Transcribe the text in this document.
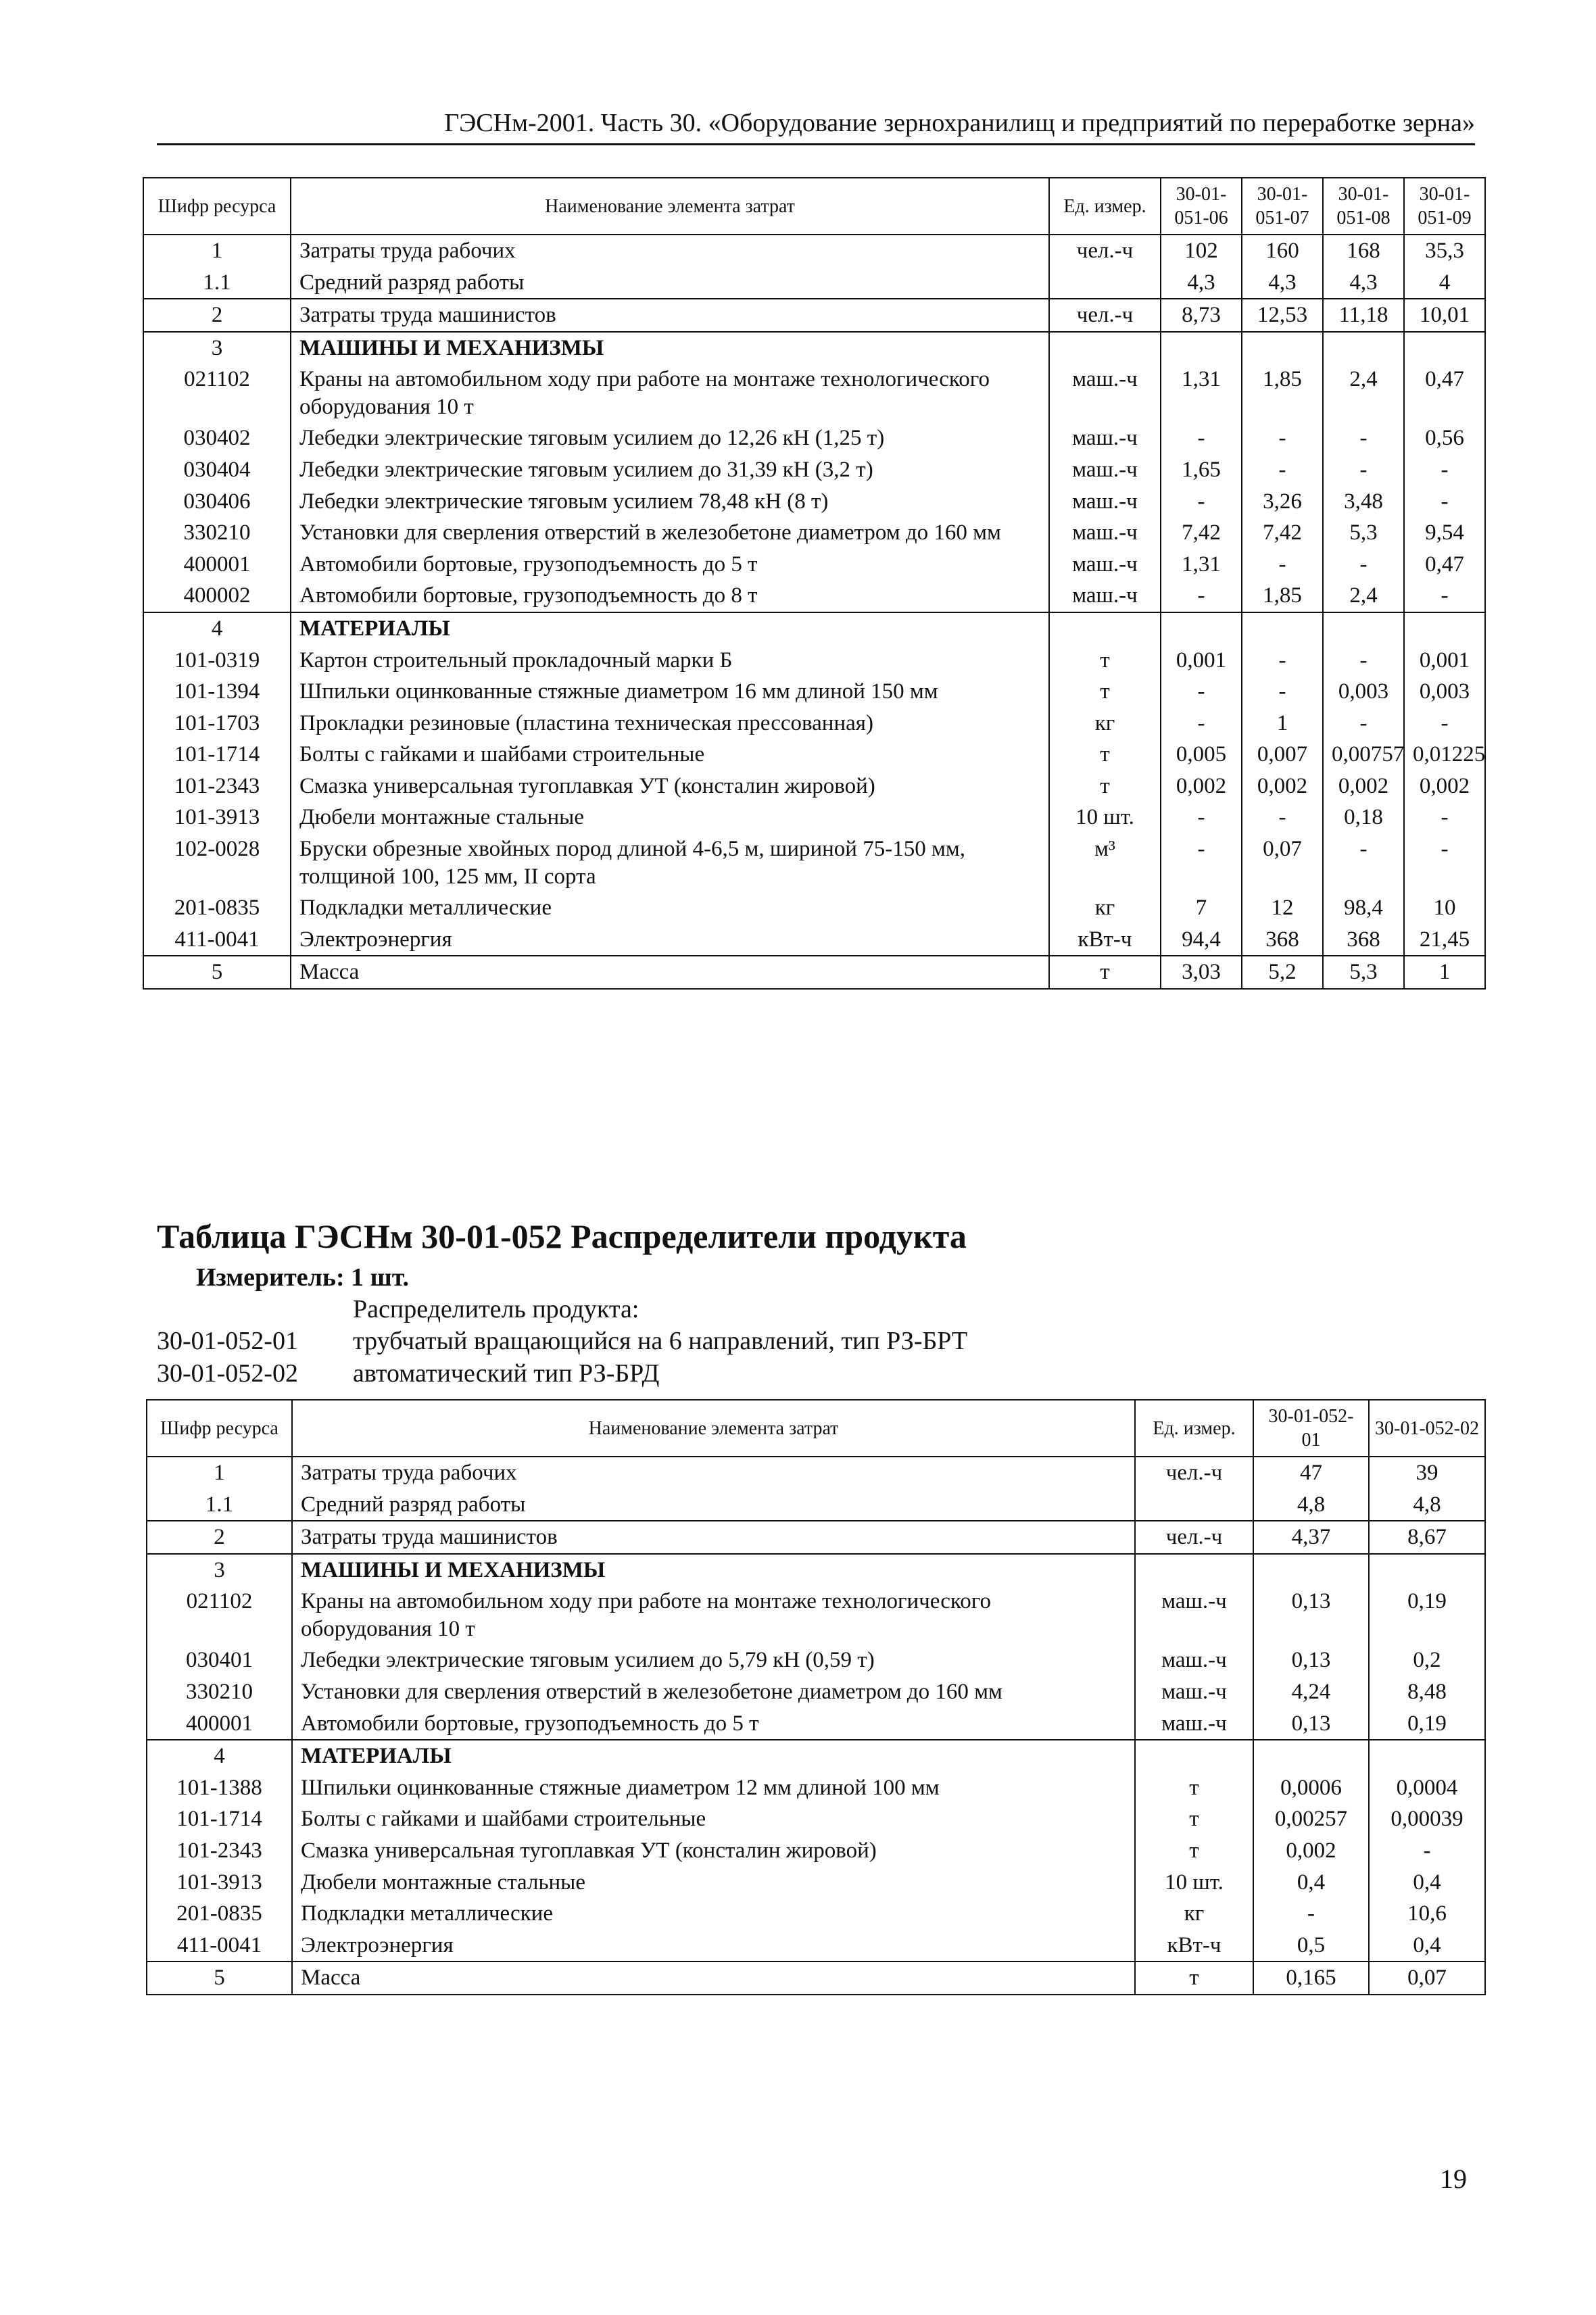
ГЭСНм-2001. Часть 30. «Оборудование зернохранилищ и предприятий по переработке зерна»
Шифр ресурса	Наименование элемента затрат	Ед. измер.	30-01-051-06	30-01-051-07	30-01-051-08	30-01-051-09
1	Затраты труда рабочих	чел.-ч	102	160	168	35,3
1.1	Средний разряд работы		4,3	4,3	4,3	4
2	Затраты труда машинистов	чел.-ч	8,73	12,53	11,18	10,01
3	МАШИНЫ И МЕХАНИЗМЫ					
021102	Краны на автомобильном ходу при работе на монтаже технологического оборудования 10 т	маш.-ч	1,31	1,85	2,4	0,47
030402	Лебедки электрические тяговым усилием до 12,26 кН (1,25 т)	маш.-ч	-	-	-	0,56
030404	Лебедки электрические тяговым усилием до 31,39 кН (3,2 т)	маш.-ч	1,65	-	-	-
030406	Лебедки электрические тяговым усилием 78,48 кН (8 т)	маш.-ч	-	3,26	3,48	-
330210	Установки для сверления отверстий в железобетоне диаметром до 160 мм	маш.-ч	7,42	7,42	5,3	9,54
400001	Автомобили бортовые, грузоподъемность до 5 т	маш.-ч	1,31	-	-	0,47
400002	Автомобили бортовые, грузоподъемность до 8 т	маш.-ч	-	1,85	2,4	-
4	МАТЕРИАЛЫ					
101-0319	Картон строительный прокладочный марки Б	т	0,001	-	-	0,001
101-1394	Шпильки оцинкованные стяжные диаметром 16 мм длиной 150 мм	т	-	-	0,003	0,003
101-1703	Прокладки резиновые (пластина техническая прессованная)	кг	-	1	-	-
101-1714	Болты с гайками и шайбами строительные	т	0,005	0,007	0,00757	0,01225
101-2343	Смазка универсальная тугоплавкая УТ (консталин жировой)	т	0,002	0,002	0,002	0,002
101-3913	Дюбели монтажные стальные	10 шт.	-	-	0,18	-
102-0028	Бруски обрезные хвойных пород длиной 4-6,5 м, шириной 75-150 мм, толщиной 100, 125 мм, II сорта	м³	-	0,07	-	-
201-0835	Подкладки металлические	кг	7	12	98,4	10
411-0041	Электроэнергия	кВт-ч	94,4	368	368	21,45
5	Масса	т	3,03	5,2	5,3	1
Таблица ГЭСНм 30-01-052 Распределители продукта
Измеритель: 1 шт.
Распределитель продукта:
30-01-052-01 трубчатый вращающийся на 6 направлений, тип РЗ-БРТ
30-01-052-02 автоматический тип РЗ-БРД
Шифр ресурса	Наименование элемента затрат	Ед. измер.	30-01-052-01	30-01-052-02
1	Затраты труда рабочих	чел.-ч	47	39
1.1	Средний разряд работы		4,8	4,8
2	Затраты труда машинистов	чел.-ч	4,37	8,67
3	МАШИНЫ И МЕХАНИЗМЫ			
021102	Краны на автомобильном ходу при работе на монтаже технологического оборудования 10 т	маш.-ч	0,13	0,19
030401	Лебедки электрические тяговым усилием до 5,79 кН (0,59 т)	маш.-ч	0,13	0,2
330210	Установки для сверления отверстий в железобетоне диаметром до 160 мм	маш.-ч	4,24	8,48
400001	Автомобили бортовые, грузоподъемность до 5 т	маш.-ч	0,13	0,19
4	МАТЕРИАЛЫ			
101-1388	Шпильки оцинкованные стяжные диаметром 12 мм длиной 100 мм	т	0,0006	0,0004
101-1714	Болты с гайками и шайбами строительные	т	0,00257	0,00039
101-2343	Смазка универсальная тугоплавкая УТ (консталин жировой)	т	0,002	-
101-3913	Дюбели монтажные стальные	10 шт.	0,4	0,4
201-0835	Подкладки металлические	кг	-	10,6
411-0041	Электроэнергия	кВт-ч	0,5	0,4
5	Масса	т	0,165	0,07
19
